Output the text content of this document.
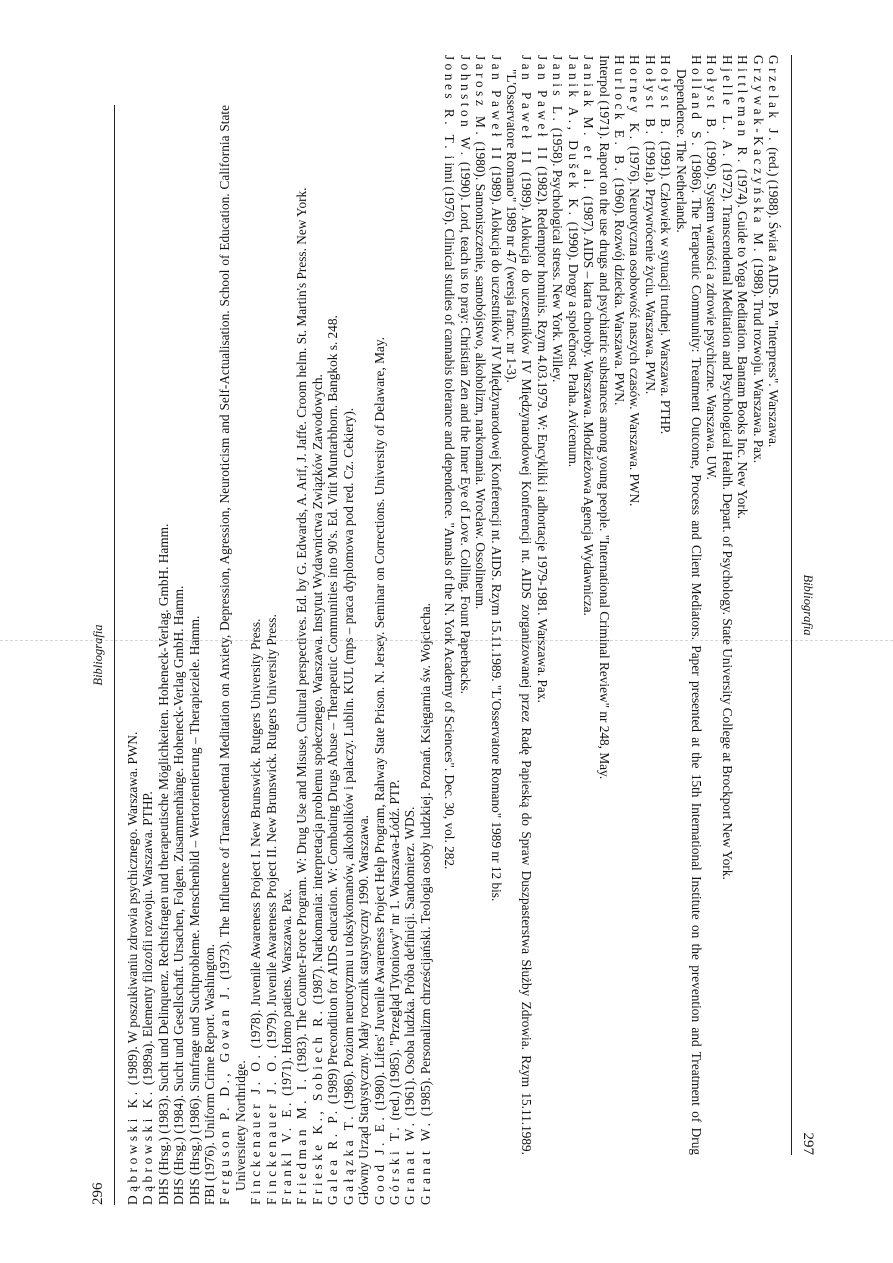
296
Bibliografia

Dąbrowski K. (1989). W poszukiwaniu zdrowia psychicznego. Warszawa. PWN.

Dąbrowski K. (1989a). Elementy filozofii rozwoju. Warszawa. PTHP. DHS (Hrsg.) (1983). Sucht und Delinquenz. Rechtsfragen und therapeutische Möglichkeiten. Hoheneck-Verlag. GmbH. Hamm. DHS (Hrsg.) (1984). Sucht und Gesellschaft. Ursachen, Folgen. Zusammenhänge. Hoheneck-Verlag GmbH. Hamm. DHS (Hrsg.) (1986). Sinnfrage und Suchtprobleme. Menschenbild – Wertorientierung – Therapieziele. Hamm. FBI (1976). Uniform Crime Report. Washington. Ferguson P. D., Gowan J. (1973). The Influence of Transcendental Meditation on Anxiety, Depression, Agression, Neuroticism and Self-Actualisation. School of Education. California State Universitety Northridge. Finckenauer J. O. (1978). Juvenile Awareness Project I. New Brunswick. Rutgers University Press.

Finckenauer J. O. (1979). Juvenile Awareness Project II. New Brunswick. Rutgers University Press.

Frankl V. E. (1971). Homo patiens. Warszawa. Pax.

Friedman M. I. (1983). The Counter-Force Program. W: Drug Use and Misuse, Cultural perspectives. Ed. by G. Edwards, A. Arif, J. Jaffe. Croom helm. St. Martin's Press. New York.

Frieske K., Sobiech R. (1987). Narkomania: interpretacja problemu społecznego. Warszawa. Instytut Wydawnictwa Związków Zawodowych.

Galea R. P. (1989) Precondition for AIDS education. W: Combating Drugs Abuse – Therapeutic Communities into 90's. Ed. Vitit Muntarbhorn. Bangkok s. 248.

Gałązka T. (1986). Poziom neurotyzmu u toksykomanów, alkoholików i palaczy. Lublin. KUL (mps – praca dyplomowa pod red. Cz. Cekiery). Główny Urząd Statystyczny. Mały rocznik statystyczny 1990. Warszawa. Good J. E. (1980). Lifers' Juvenile Awareness Project Help Program, Rahway State Prison. N. Jersey. Seminar on Corrections. University of Delaware, May.

Górski T. (red.) (1985). "Przegląd Tytoniowy" nr 1. Warszawa-Łódź. PTP.

Granat W. (1961). Osoba ludzka. Próba definicji. Sandomierz. WDS.

Granat W. (1985). Personalizm chrześcijański. Teologia osoby ludzkiej. Poznań. Księgarnia św. Wojciecha.	Bibliografia
297

Grzelak J. (red.) (1988). Świat a AIDS. PA "Interpress". Warszawa.

Grzywak-Kaczyńska M. (1988). Trud rozwoju. Warszawa. Pax.

Hittleman R. (1974). Guide to Yoga Meditation. Bantam Books Inc. New York.

Hjelle L. A. (1972). Transcendental Meditation and Psychological Health. Depart. of Psychology. State University College at Brockport New York.

Hołyst B. (1990). System wartości a zdrowie psychiczne. Warszawa. UW.

Holland S. (1986). The Terapeutic Community: Treatment Outcome, Process and Client Mediators. Paper presented at the 15th International Institute on the prevention and Treatment of Drug Dependence. The Netherlands.

Hołyst B. (1991). Człowiek w sytuacji trudnej. Warszawa. PTHP.

Hołyst B. (1991a). Przywrócenie życiu. Warszawa. PWN.

Horney K. (1976). Neurotyczna osobowość naszych czasów. Warszawa. PWN.

Hurlock E. B. (1960). Rozwój dziecka. Warszawa. PWN.

Interpol (1971). Raport on the use drugs and psychiatric substances among young people. "International Criminal Review" nr 248, May.

Janiak M. et al. (1987). AIDS – karta choroby. Warszawa. Młodzieżowa Agencja Wydawnicza.

Janik A., Dušek K. (1990). Drogy a společnost. Praha. Avicenum.

Janis L. (1958). Psychological stress. New York. Willey.

Jan Paweł II (1982). Redemptor hominis. Rzym 4.03.1979. W: Encykliki i adhortacje 1979-1981. Warszawa. Pax.

Jan Paweł II (1989). Alokucja do uczestników IV Międzynarodowej Konferencji nt. AIDS zorganizowanej przez Radę Papieską do Spraw Duszpasterstwa Służby Zdrowia. Rzym 15.11.1989. "L'Osservatore Romano" 1989 nr 47 (wersja franc. nr 1-3).

Jan Paweł II (1989). Alokucja do uczestników IV Międzynarodowej Konferencji nt. AIDS. Rzym 15.11.1989. "L'Osservatore Romano" 1989 nr 12 bis.

Jarosz M. (1980). Samoniszczenie, samobójstwo, alkoholizm, narkomania. Wrocław. Ossolineum.

Johnston W. (1990). Lord, teach us to pray: Christian Zen and the Inner Eye of Love. Colling. Fount Paperbacks.

Jones R. T. i inni (1976). Clinical studies of cannabis tolerance and dependence. "Annals of the N. York Academy of Sciences". Dec. 30, vol. 282.
